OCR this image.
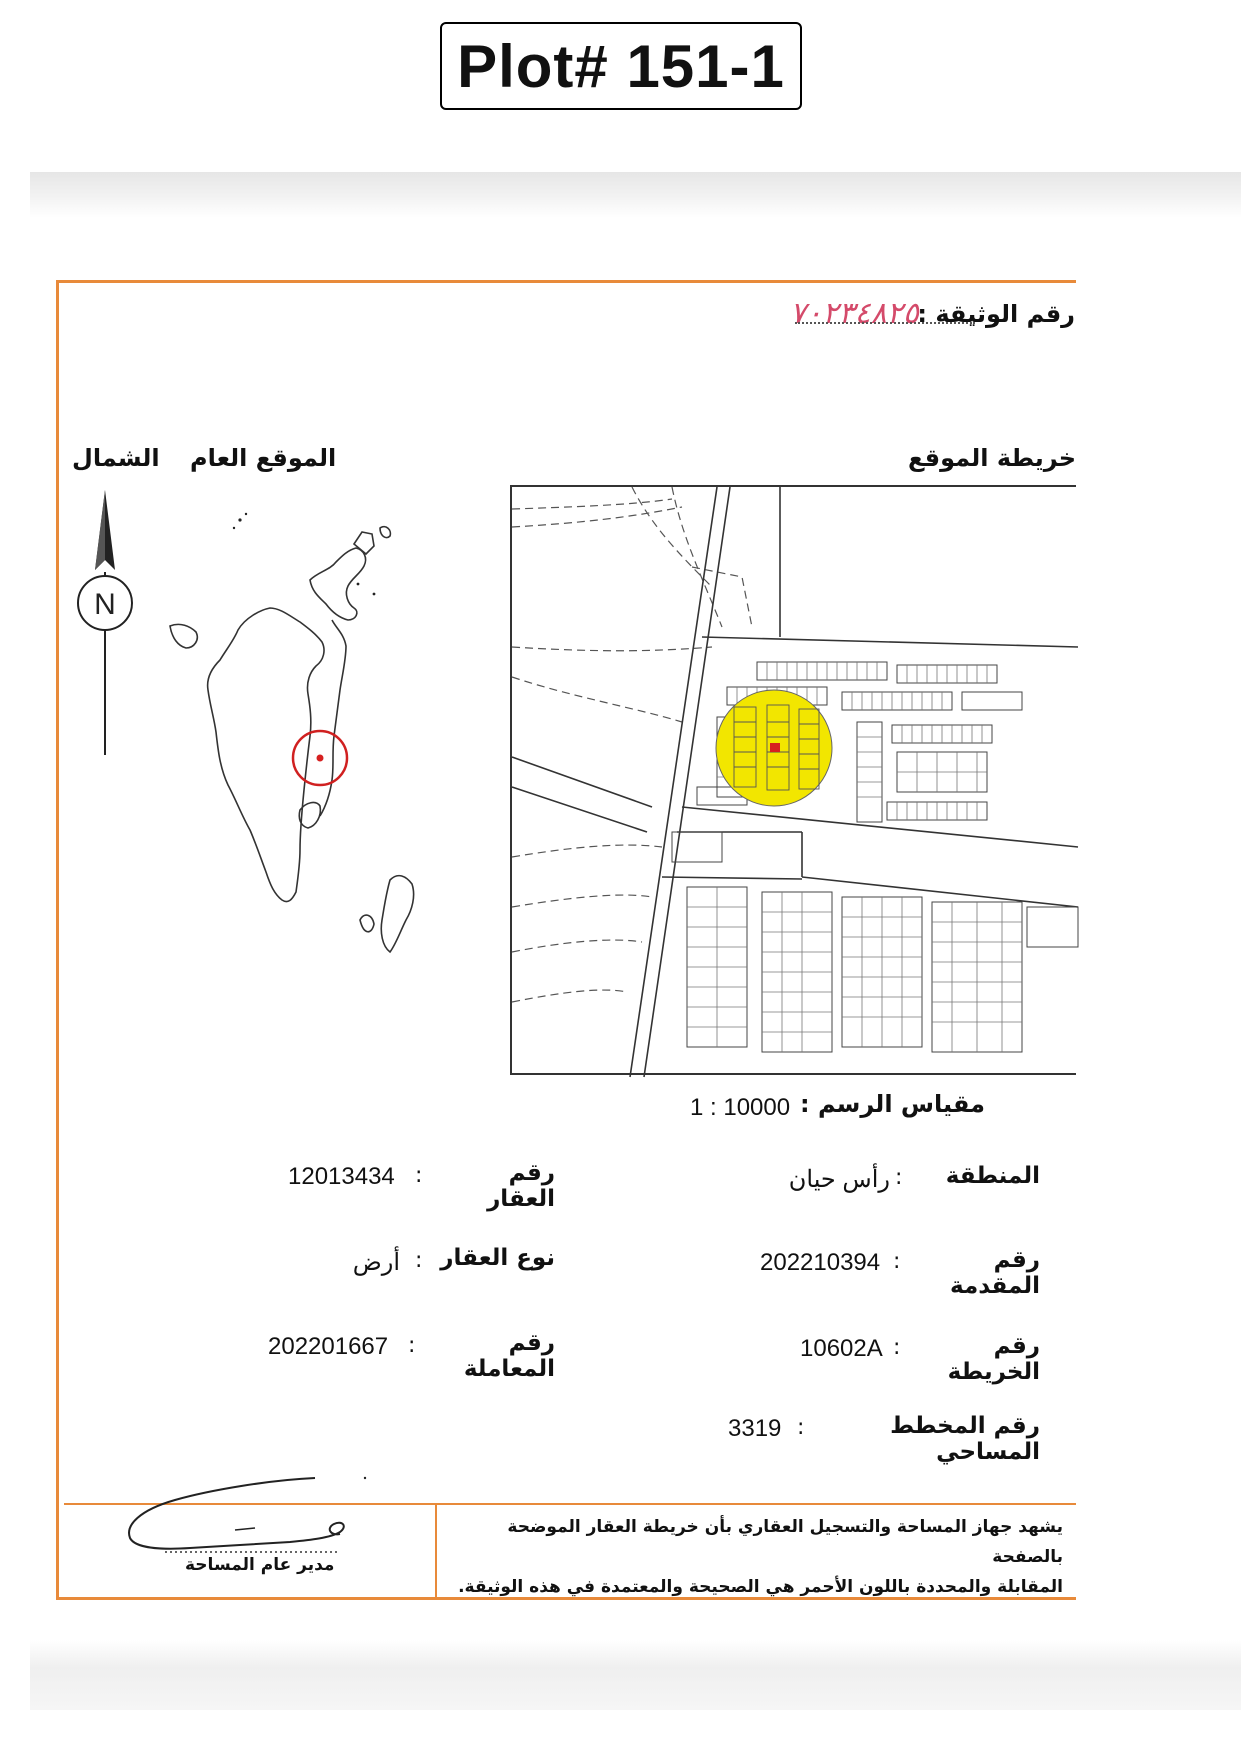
Plot# 151-1
رقم الوثيقة :
٧٠٢٣٤٨٢٥
خريطة الموقع
الموقع العام
الشمال
N
مقياس الرسم :
1 : 10000
المنطقة
:
رأس حيان
رقم المقدمة
:
202210394
رقم الخريطة
:
10602A
رقم المخطط المساحي
:
3319
رقم العقار
:
12013434
نوع العقار
:
أرض
رقم المعاملة
:
202201667
يشهد جهاز المساحة والتسجيل العقاري بأن خريطة العقار الموضحة بالصفحة
المقابلة والمحددة باللون الأحمر هي الصحيحة والمعتمدة في هذه الوثيقة.
مدير عام المساحة
